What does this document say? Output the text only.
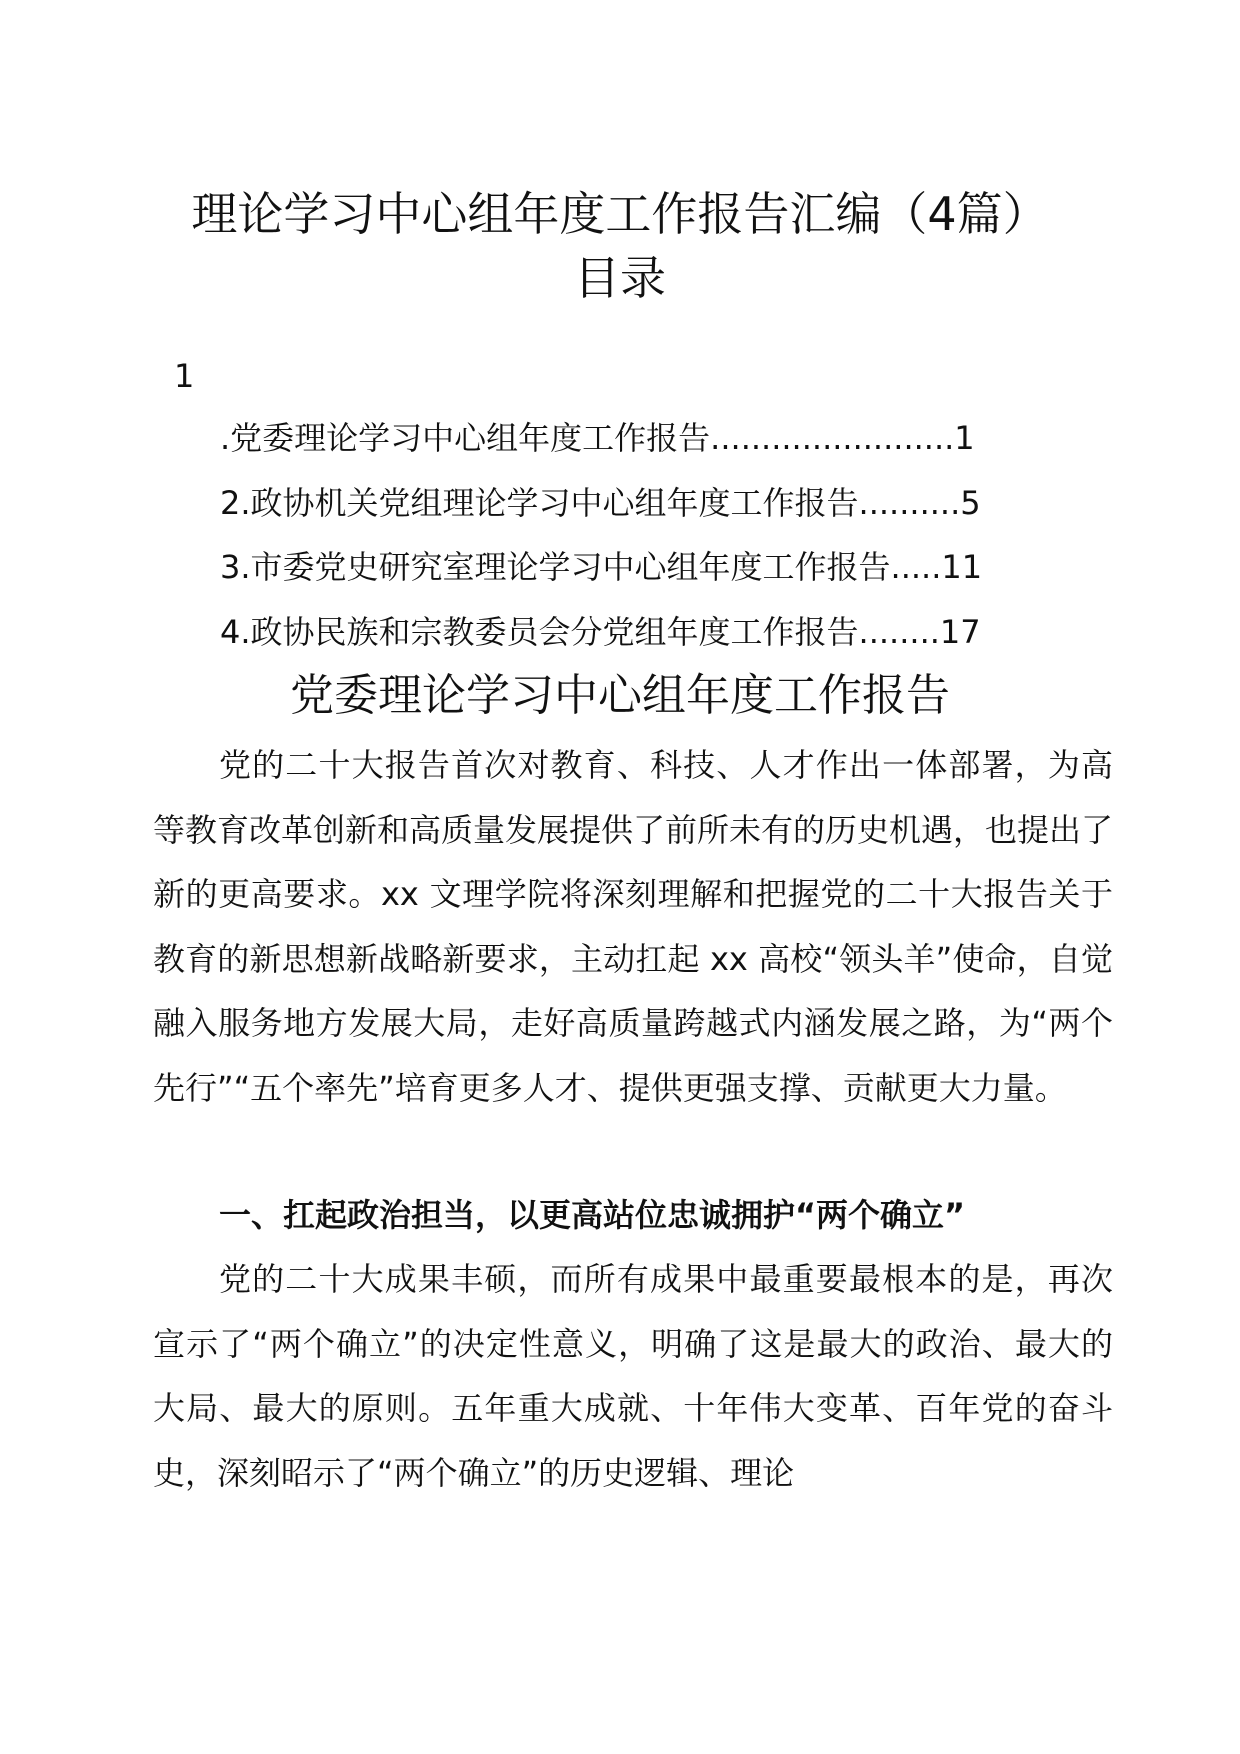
理论学习中心组年度工作报告汇编（4篇）
目录
1
.党委理论学习中心组年度工作报告........................1
2.政协机关党组理论学习中心组年度工作报告..........5
3.市委党史研究室理论学习中心组年度工作报告.....11
4.政协民族和宗教委员会分党组年度工作报告........17
党委理论学习中心组年度工作报告
党的二十大报告首次对教育、科技、人才作出一体部署，为高等教育改革创新和高质量发展提供了前所未有的历史机遇，也提出了新的更高要求。xx 文理学院将深刻理解和把握党的二十大报告关于教育的新思想新战略新要求，主动扛起 xx 高校“领头羊”使命，自觉融入服务地方发展大局，走好高质量跨越式内涵发展之路，为“两个先行”“五个率先”培育更多人才、提供更强支撑、贡献更大力量。
一、扛起政治担当，以更高站位忠诚拥护“两个确立”
党的二十大成果丰硕，而所有成果中最重要最根本的是，再次宣示了“两个确立”的决定性意义，明确了这是最大的政治、最大的大局、最大的原则。五年重大成就、十年伟大变革、百年党的奋斗史，深刻昭示了“两个确立”的历史逻辑、理论
